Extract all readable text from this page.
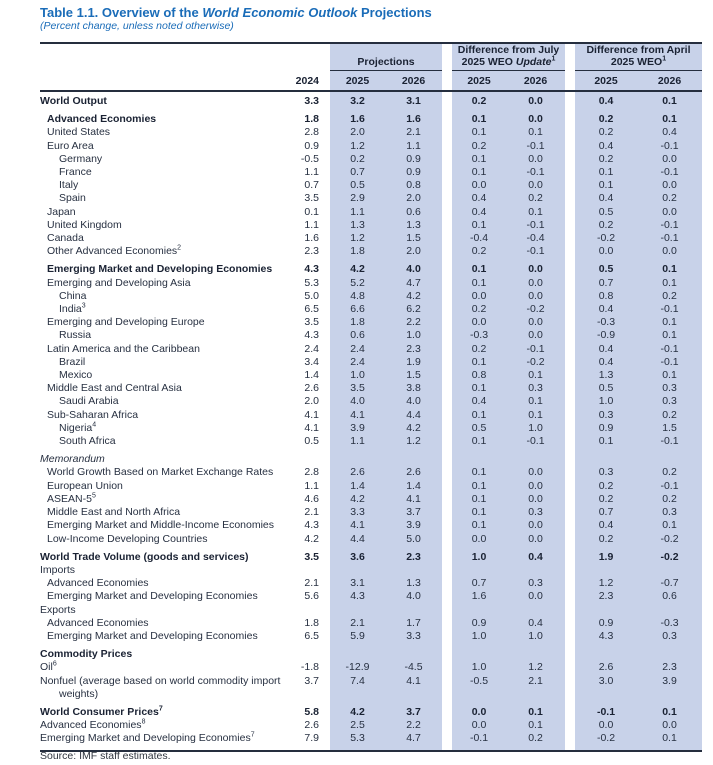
Table 1.1. Overview of the World Economic Outlook Projections
(Percent change, unless noted otherwise)
Projections
Difference from July
2025 WEO Update$^1$
Difference from April
2025 WEO$^1$
2024	2025	2026	2025	2026	2025	2026
World Output	3.3	3.2	3.1	0.2	0.0	0.4	0.1
Advanced Economies	1.8	1.6	1.6	0.1	0.0	0.2	0.1
United States	2.8	2.0	2.1	0.1	0.1	0.2	0.4
Euro Area	0.9	1.2	1.1	0.2	-0.1	0.4	-0.1
Germany	-0.5	0.2	0.9	0.1	0.0	0.2	0.0
France	1.1	0.7	0.9	0.1	-0.1	0.1	-0.1
Italy	0.7	0.5	0.8	0.0	0.0	0.1	0.0
Spain	3.5	2.9	2.0	0.4	0.2	0.4	0.2
Japan	0.1	1.1	0.6	0.4	0.1	0.5	0.0
United Kingdom	1.1	1.3	1.3	0.1	-0.1	0.2	-0.1
Canada	1.6	1.2	1.5	-0.4	-0.4	-0.2	-0.1
Other Advanced Economies$^2$	2.3	1.8	2.0	0.2	-0.1	0.0	0.0
Emerging Market and Developing Economies	4.3	4.2	4.0	0.1	0.0	0.5	0.1
Emerging and Developing Asia	5.3	5.2	4.7	0.1	0.0	0.7	0.1
China	5.0	4.8	4.2	0.0	0.0	0.8	0.2
India$^3$	6.5	6.6	6.2	0.2	-0.2	0.4	-0.1
Emerging and Developing Europe	3.5	1.8	2.2	0.0	0.0	-0.3	0.1
Russia	4.3	0.6	1.0	-0.3	0.0	-0.9	0.1
Latin America and the Caribbean	2.4	2.4	2.3	0.2	-0.1	0.4	-0.1
Brazil	3.4	2.4	1.9	0.1	-0.2	0.4	-0.1
Mexico	1.4	1.0	1.5	0.8	0.1	1.3	0.1
Middle East and Central Asia	2.6	3.5	3.8	0.1	0.3	0.5	0.3
Saudi Arabia	2.0	4.0	4.0	0.4	0.1	1.0	0.3
Sub-Saharan Africa	4.1	4.1	4.4	0.1	0.1	0.3	0.2
Nigeria$^4$	4.1	3.9	4.2	0.5	1.0	0.9	1.5
South Africa	0.5	1.1	1.2	0.1	-0.1	0.1	-0.1
Memorandum
World Growth Based on Market Exchange Rates	2.8	2.6	2.6	0.1	0.0	0.3	0.2
European Union	1.1	1.4	1.4	0.1	0.0	0.2	-0.1
ASEAN-$5^5$	4.6	4.2	4.1	0.1	0.0	0.2	0.2
Middle East and North Africa	2.1	3.3	3.7	0.1	0.3	0.7	0.3
Emerging Market and Middle-Income Economies	4.3	4.1	3.9	0.1	0.0	0.4	0.1
Low-Income Developing Countries	4.2	4.4	5.0	0.0	0.0	0.2	-0.2
World Trade Volume (goods and services)	3.5	3.6	2.3	1.0	0.4	1.9	-0.2
Imports
Advanced Economies	2.1	3.1	1.3	0.7	0.3	1.2	-0.7
Emerging Market and Developing Economies	5.6	4.3	4.0	1.6	0.0	2.3	0.6
Exports
Advanced Economies	1.8	2.1	1.7	0.9	0.4	0.9	-0.3
Emerging Market and Developing Economies	6.5	5.9	3.3	1.0	1.0	4.3	0.3
Commodity Prices
Oil$^6$	-1.8	-12.9	-4.5	1.0	1.2	2.6	2.3
Nonfuel (average based on world commodity import weights)
3.7	7.4	4.1	-0.5	2.1	3.0	3.9
World Consumer Prices$^7$	5.8	4.2	3.7	0.0	0.1	-0.1	0.1
Advanced Economies$^8$	2.6	2.5	2.2	0.0	0.1	0.0	0.0
Emerging Market and Developing Economies$^7$	7.9	5.3	4.7	-0.1	0.2	-0.2	0.1
Source: IMF staff estimates.
